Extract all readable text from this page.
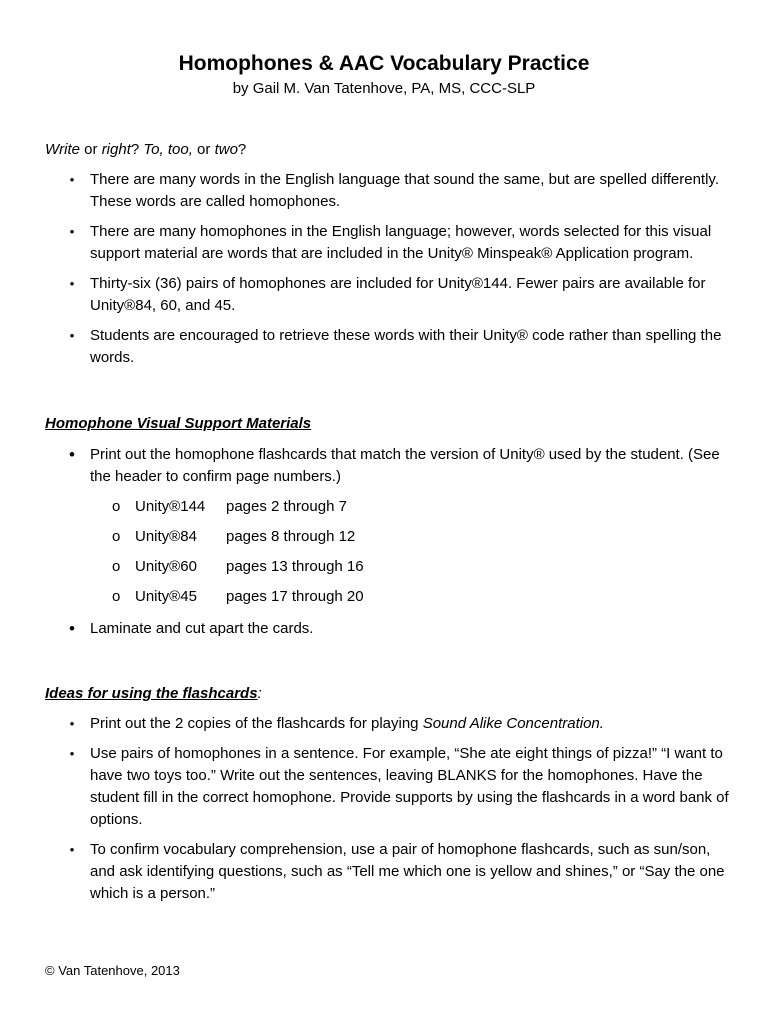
Homophones & AAC Vocabulary Practice
by Gail M. Van Tatenhove, PA, MS, CCC-SLP
Write or right? To, too, or two?
• There are many words in the English language that sound the same, but are spelled differently. These words are called homophones.
• There are many homophones in the English language; however, words selected for this visual support material are words that are included in the Unity® Minspeak® Application program.
• Thirty-six (36) pairs of homophones are included for Unity®144. Fewer pairs are available for Unity®84, 60, and 45.
• Students are encouraged to retrieve these words with their Unity® code rather than spelling the words.
Homophone Visual Support Materials
• Print out the homophone flashcards that match the version of Unity® used by the student. (See the header to confirm page numbers.)
o Unity®144 pages 2 through 7
o Unity®84 pages 8 through 12
o Unity®60 pages 13 through 16
o Unity®45 pages 17 through 20
• Laminate and cut apart the cards.
Ideas for using the flashcards:
• Print out the 2 copies of the flashcards for playing Sound Alike Concentration.
• Use pairs of homophones in a sentence. For example, “She ate eight things of pizza!” “I want to have two toys too.” Write out the sentences, leaving BLANKS for the homophones. Have the student fill in the correct homophone. Provide supports by using the flashcards in a word bank of options.
• To confirm vocabulary comprehension, use a pair of homophone flashcards, such as sun/son, and ask identifying questions, such as “Tell me which one is yellow and shines,” or “Say the one which is a person.”
© Van Tatenhove, 2013
